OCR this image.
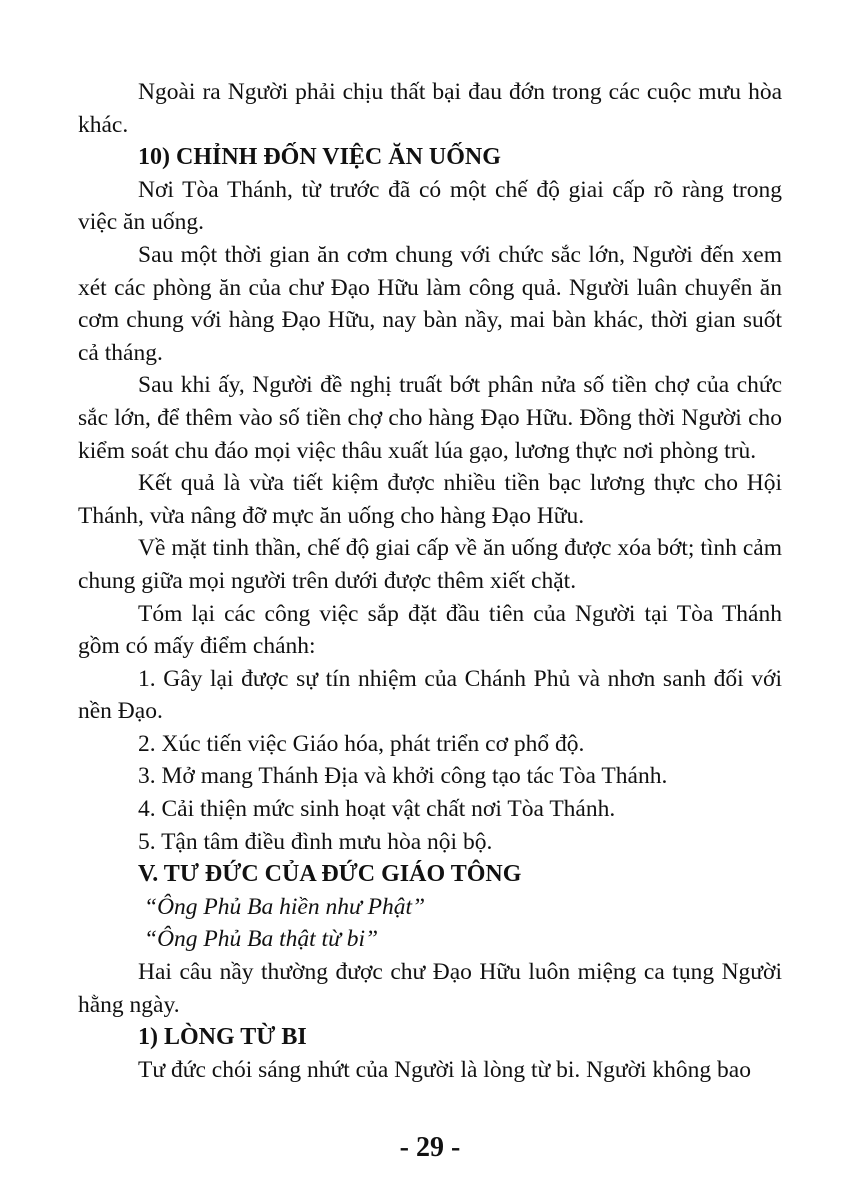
Ngoài ra Người phải chịu thất bại đau đớn trong các cuộc mưu hòa khác.

10) CHỈNH ĐỐN VIỆC ĂN UỐNG

Nơi Tòa Thánh, từ trước đã có một chế độ giai cấp rõ ràng trong việc ăn uống.

Sau một thời gian ăn cơm chung với chức sắc lớn, Người đến xem xét các phòng ăn của chư Đạo Hữu làm công quả. Người luân chuyển ăn cơm chung với hàng Đạo Hữu, nay bàn nầy, mai bàn khác, thời gian suốt cả tháng.

Sau khi ấy, Người đề nghị truất bớt phân nửa số tiền chợ của chức sắc lớn, để thêm vào số tiền chợ cho hàng Đạo Hữu. Đồng thời Người cho kiểm soát chu đáo mọi việc thâu xuất lúa gạo, lương thực nơi phòng trù.

Kết quả là vừa tiết kiệm được nhiều tiền bạc lương thực cho Hội Thánh, vừa nâng đỡ mực ăn uống cho hàng Đạo Hữu.

Về mặt tinh thần, chế độ giai cấp về ăn uống được xóa bớt; tình cảm chung giữa mọi người trên dưới được thêm xiết chặt.

Tóm lại các công việc sắp đặt đầu tiên của Người tại Tòa Thánh gồm có mấy điểm chánh:

1. Gây lại được sự tín nhiệm của Chánh Phủ và nhơn sanh đối với nền Đạo.

2. Xúc tiến việc Giáo hóa, phát triển cơ phổ độ.

3. Mở mang Thánh Địa và khởi công tạo tác Tòa Thánh.

4. Cải thiện mức sinh hoạt vật chất nơi Tòa Thánh.

5. Tận tâm điều đình mưu hòa nội bộ.

V. TƯ ĐỨC CỦA ĐỨC GIÁO TÔNG

“Ông Phủ Ba hiền như Phật”

“Ông Phủ Ba thật từ bi”

Hai câu nầy thường được chư Đạo Hữu luôn miệng ca tụng Người hằng ngày.

1) LÒNG TỪ BI

Tư đức chói sáng nhứt của Người là lòng từ bi. Người không bao

- 29 -
